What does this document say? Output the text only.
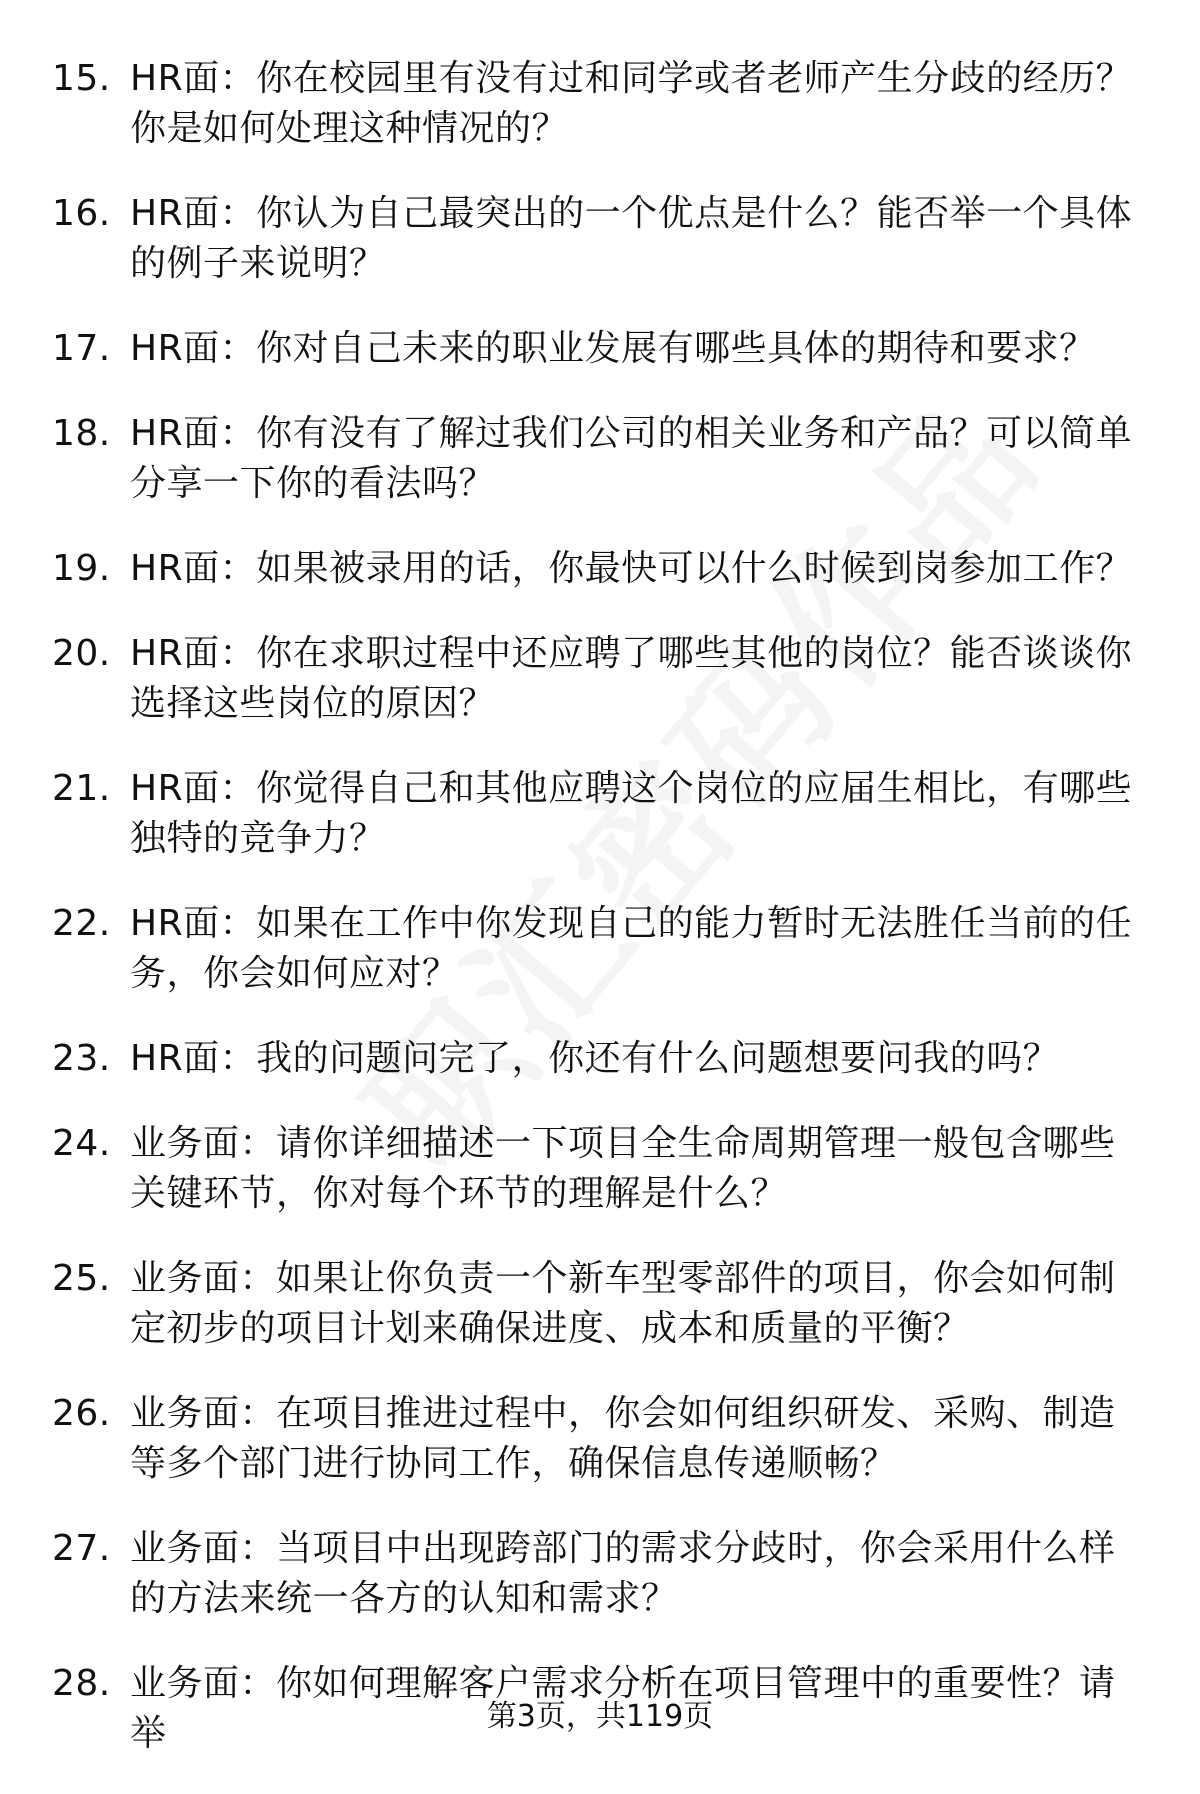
15. HR面：你在校园里有没有过和同学或者老师产生分歧的经历？你是如何处理这种情况的？
16. HR面：你认为自己最突出的一个优点是什么？能否举一个具体的例子来说明？
17. HR面：你对自己未来的职业发展有哪些具体的期待和要求？
18. HR面：你有没有了解过我们公司的相关业务和产品？可以简单分享一下你的看法吗？
19. HR面：如果被录用的话，你最快可以什么时候到岗参加工作？
20. HR面：你在求职过程中还应聘了哪些其他的岗位？能否谈谈你选择这些岗位的原因？
21. HR面：你觉得自己和其他应聘这个岗位的应届生相比，有哪些独特的竞争力？
22. HR面：如果在工作中你发现自己的能力暂时无法胜任当前的任务，你会如何应对？
23. HR面：我的问题问完了，你还有什么问题想要问我的吗？
24. 业务面：请你详细描述一下项目全生命周期管理一般包含哪些关键环节，你对每个环节的理解是什么？
25. 业务面：如果让你负责一个新车型零部件的项目，你会如何制定初步的项目计划来确保进度、成本和质量的平衡？
26. 业务面：在项目推进过程中，你会如何组织研发、采购、制造等多个部门进行协同工作，确保信息传递顺畅？
27. 业务面：当项目中出现跨部门的需求分歧时，你会采用什么样的方法来统一各方的认知和需求？
28. 业务面：你如何理解客户需求分析在项目管理中的重要性？请举	第3页，共119页
